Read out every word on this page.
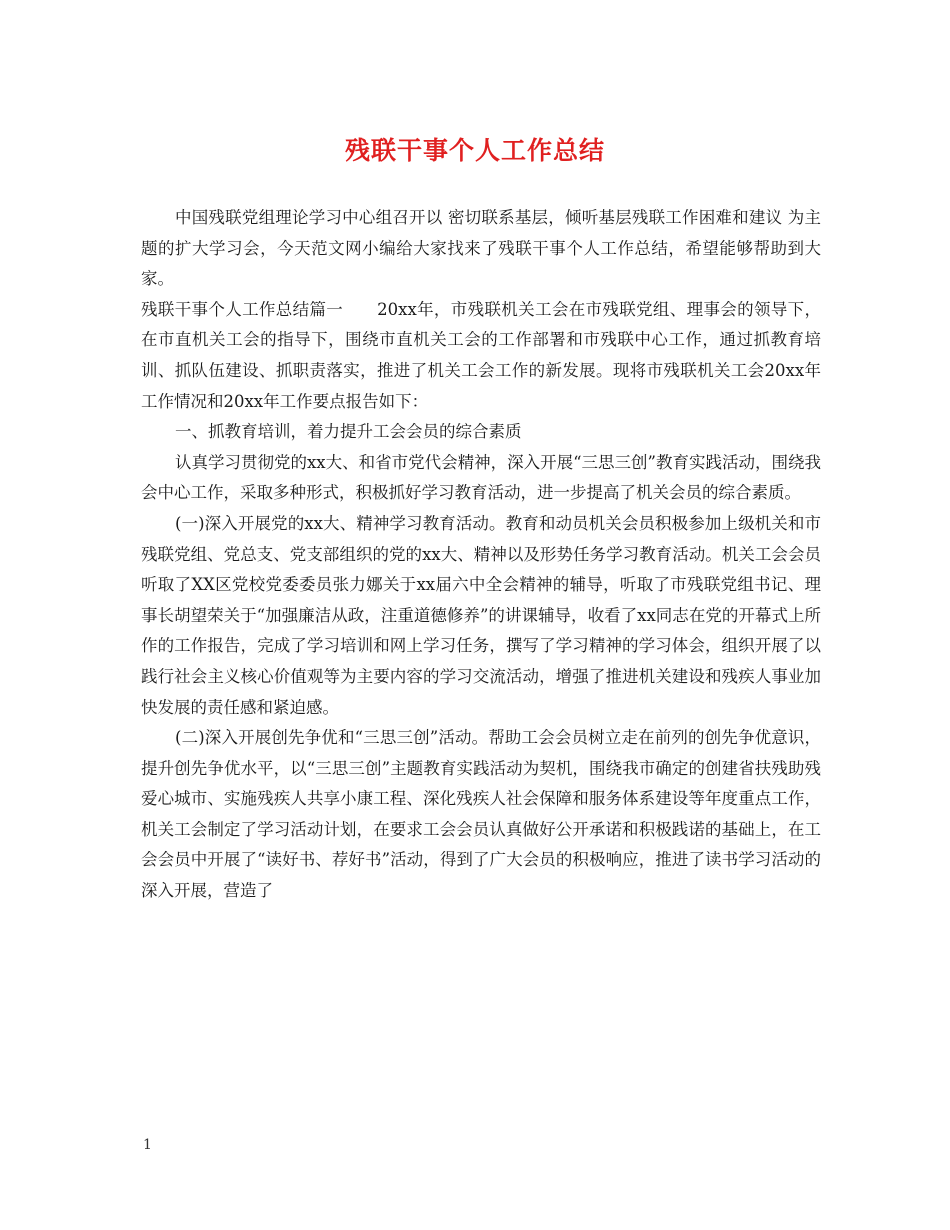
残联干事个人工作总结

中国残联党组理论学习中心组召开以 密切联系基层，倾听基层残联工作困难和建议 为主题的扩大学习会，今天范文网小编给大家找来了残联干事个人工作总结，希望能够帮助到大家。

残联干事个人工作总结篇一 20xx年，市残联机关工会在市残联党组、理事会的领导下，在市直机关工会的指导下，围绕市直机关工会的工作部署和市残联中心工作，通过抓教育培训、抓队伍建设、抓职责落实，推进了机关工会工作的新发展。现将市残联机关工会20xx年工作情况和20xx年工作要点报告如下：

一、抓教育培训，着力提升工会会员的综合素质

认真学习贯彻党的xx大、和省市党代会精神，深入开展“三思三创”教育实践活动，围绕我会中心工作，采取多种形式，积极抓好学习教育活动，进一步提高了机关会员的综合素质。

(一)深入开展党的xx大、精神学习教育活动。教育和动员机关会员积极参加上级机关和市残联党组、党总支、党支部组织的党的xx大、精神以及形势任务学习教育活动。机关工会会员听取了XX区党校党委委员张力娜关于xx届六中全会精神的辅导，听取了市残联党组书记、理事长胡望荣关于“加强廉洁从政，注重道德修养”的讲课辅导，收看了xx同志在党的开幕式上所作的工作报告，完成了学习培训和网上学习任务，撰写了学习精神的学习体会，组织开展了以践行社会主义核心价值观等为主要内容的学习交流活动，增强了推进机关建设和残疾人事业加快发展的责任感和紧迫感。

(二)深入开展创先争优和“三思三创”活动。帮助工会会员树立走在前列的创先争优意识，提升创先争优水平，以“三思三创”主题教育实践活动为契机，围绕我市确定的创建省扶残助残爱心城市、实施残疾人共享小康工程、深化残疾人社会保障和服务体系建设等年度重点工作，机关工会制定了学习活动计划，在要求工会会员认真做好公开承诺和积极践诺的基础上，在工会会员中开展了“读好书、荐好书”活动，得到了广大会员的积极响应，推进了读书学习活动的深入开展，营造了

1
